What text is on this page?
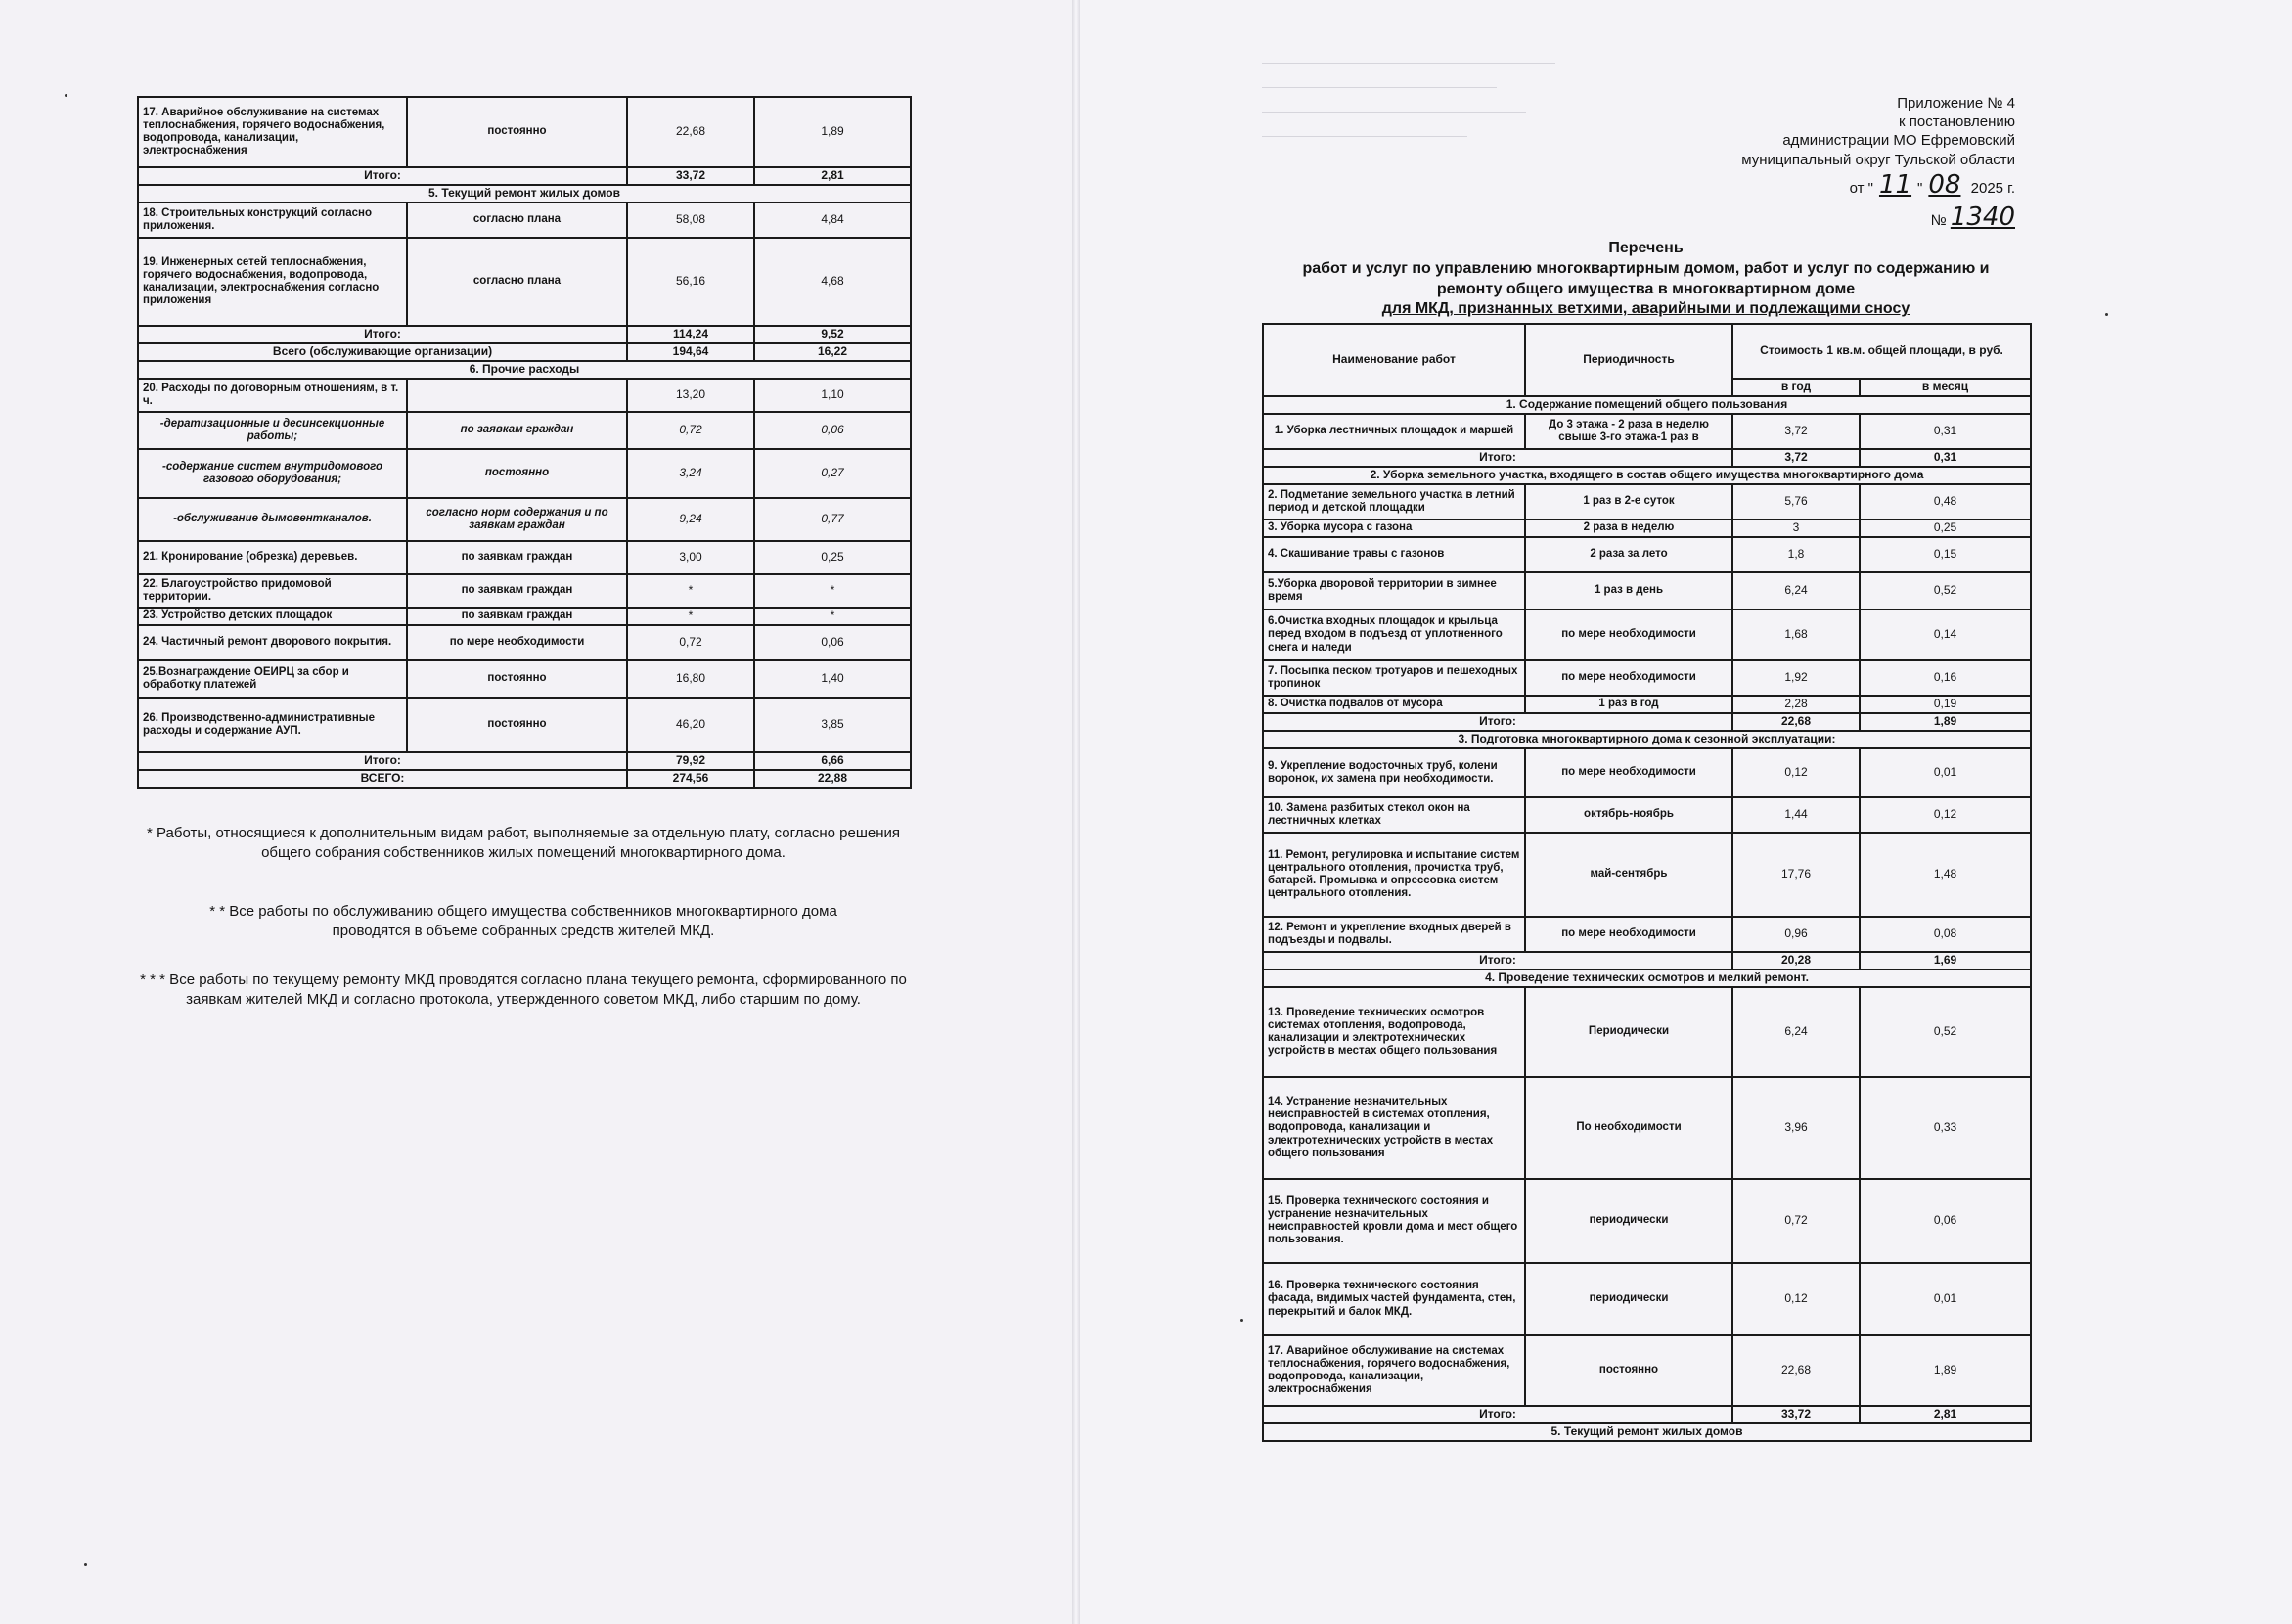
17. Аварийное обслуживание на системах теплоснабжения, горячего водоснабжения, водопровода, канализации, электроснабжения	постоянно	22,68	1,89
Итого:		33,72	2,81
5. Текущий ремонт жилых домов			
18. Строительных конструкций согласно приложения.	согласно плана	58,08	4,84
19. Инженерных сетей теплоснабжения, горячего водоснабжения, водопровода, канализации, электроснабжения согласно приложения	согласно плана	56,16	4,68
Итого:		114,24	9,52
Всего (обслуживающие организации)		194,64	16,22
6. Прочие расходы			
20. Расходы по договорным отношениям, в т. ч.		13,20	1,10
-дератизационные и десинсекционные работы;	по заявкам граждан	0,72	0,06
-содержание систем внутридомового газового оборудования;	постоянно	3,24	0,27
-обслуживание дымовентканалов.	согласно норм содержания и по заявкам граждан	9,24	0,77
21. Кронирование (обрезка) деревьев.	по заявкам граждан	3,00	0,25
22. Благоустройство придомовой территории.	по заявкам граждан	*	*
23. Устройство детских площадок	по заявкам граждан	*	*
24. Частичный ремонт дворового покрытия.	по мере необходимости	0,72	0,06
25.Вознаграждение ОЕИРЦ за сбор и обработку платежей	постоянно	16,80	1,40
26. Производственно-административные расходы и содержание АУП.	постоянно	46,20	3,85
Итого:		79,92	6,66
ВСЕГО:		274,56	22,88
* Работы, относящиеся к дополнительным видам работ, выполняемые за отдельную плату, согласно решения общего собрания собственников жилых помещений многоквартирного дома.
* * Все работы по обслуживанию общего имущества собственников многоквартирного дома проводятся в объеме собранных средств жителей МКД.
* * * Все работы по текущему ремонту МКД проводятся согласно плана текущего ремонта, сформированного по заявкам жителей МКД и согласно протокола, утвержденного советом МКД, либо старшим по дому.
Приложение № 4
к постановлению
администрации МО Ефремовский
муниципальный округ Тульской области
от " 11 " 08 2025 г.
№ 1340
Перечень
работ и услуг по управлению многоквартирным домом, работ и услуг по содержанию и
ремонту общего имущества в многоквартирном доме
для МКД, признанных ветхими, аварийными и подлежащими сносу
Наименование работ	Периодичность	Стоимость 1 кв.м. общей площади, в руб.	
		в год	в месяц
1. Содержание помещений общего пользования			
1. Уборка лестничных площадок и маршей	До 3 этажа - 2 раза в неделю свыше 3-го этажа-1 раз в	3,72	0,31
Итого:		3,72	0,31
2. Уборка земельного участка, входящего в состав общего имущества многоквартирного дома			
2. Подметание земельного участка в летний период и детской площадки	1 раз в 2-е суток	5,76	0,48
3. Уборка мусора с газона	2 раза в неделю	3	0,25
4. Скашивание травы с газонов	2 раза за лето	1,8	0,15
5.Уборка дворовой территории в зимнее время	1 раз в день	6,24	0,52
6.Очистка входных площадок и крыльца перед входом в подъезд от уплотненного снега и наледи	по мере необходимости	1,68	0,14
7. Посыпка песком тротуаров и пешеходных тропинок	по мере необходимости	1,92	0,16
8. Очистка подвалов от мусора	1 раз в год	2,28	0,19
Итого:		22,68	1,89
3. Подготовка многоквартирного дома к сезонной эксплуатации:			
9. Укрепление водосточных труб, колени воронок, их замена при необходимости.	по мере необходимости	0,12	0,01
10. Замена разбитых стекол окон на лестничных клетках	октябрь-ноябрь	1,44	0,12
11. Ремонт, регулировка и испытание систем центрального отопления, прочистка труб, батарей. Промывка и опрессовка систем центрального отопления.	май-сентябрь	17,76	1,48
12. Ремонт и укрепление входных дверей в подъезды и подвалы.	по мере необходимости	0,96	0,08
Итого:		20,28	1,69
4. Проведение технических осмотров и мелкий ремонт.			
13. Проведение технических осмотров системах отопления, водопровода, канализации и электротехнических устройств в местах общего пользования	Периодически	6,24	0,52
14. Устранение незначительных неисправностей в системах отопления, водопровода, канализации и электротехнических устройств в местах общего пользования	По необходимости	3,96	0,33
15. Проверка технического состояния и устранение незначительных неисправностей кровли дома и мест общего пользования.	периодически	0,72	0,06
16. Проверка технического состояния фасада, видимых частей фундамента, стен, перекрытий и балок МКД.	периодически	0,12	0,01
17. Аварийное обслуживание на системах теплоснабжения, горячего водоснабжения, водопровода, канализации, электроснабжения	постоянно	22,68	1,89
Итого:		33,72	2,81
5. Текущий ремонт жилых домов			
